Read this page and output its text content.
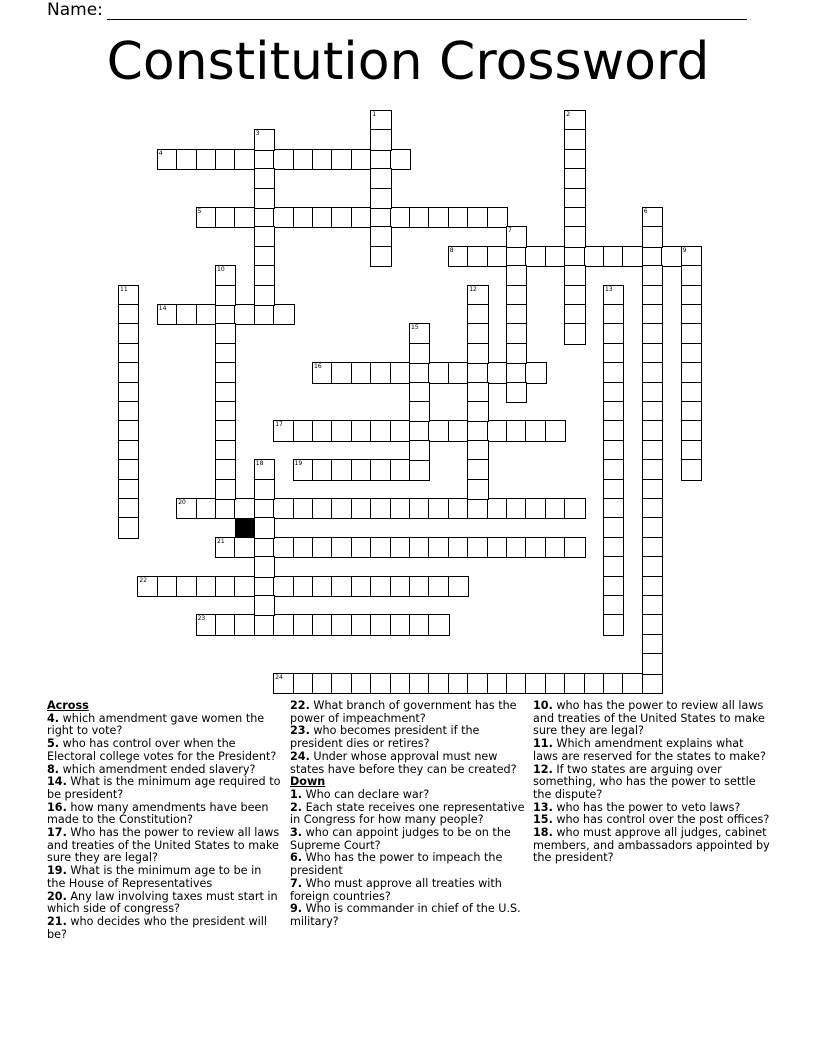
Name:
Constitution Crossword
4
5
8
14
16
17
19
20
21
22
23
24
1	2
3
6
7
9
10
11	12	13
15
18
Across
4. which amendment gave women the right to vote?
5. who has control over when the Electoral college votes for the President?
8. which amendment ended slavery?
14. What is the minimum age required to be president?
16. how many amendments have been made to the Constitution?
17. Who has the power to review all laws and treaties of the United States to make sure they are legal?
19. What is the minimum age to be in the House of Representatives
20. Any law involving taxes must start in which side of congress?
21. who decides who the president will be?
22. What branch of government has the power of impeachment?
23. who becomes president if the president dies or retires?
24. Under whose approval must new states have before they can be created?
Down
1. Who can declare war?
2. Each state receives one representative in Congress for how many people?
3. who can appoint judges to be on the Supreme Court?
6. Who has the power to impeach the president
7. Who must approve all treaties with foreign countries?
9. Who is commander in chief of the U.S. military?
10. who has the power to review all laws and treaties of the United States to make sure they are legal?
11. Which amendment explains what laws are reserved for the states to make?
12. If two states are arguing over something, who has the power to settle the dispute?
13. who has the power to veto laws?
15. who has control over the post offices?
18. who must approve all judges, cabinet members, and ambassadors appointed by the president?
